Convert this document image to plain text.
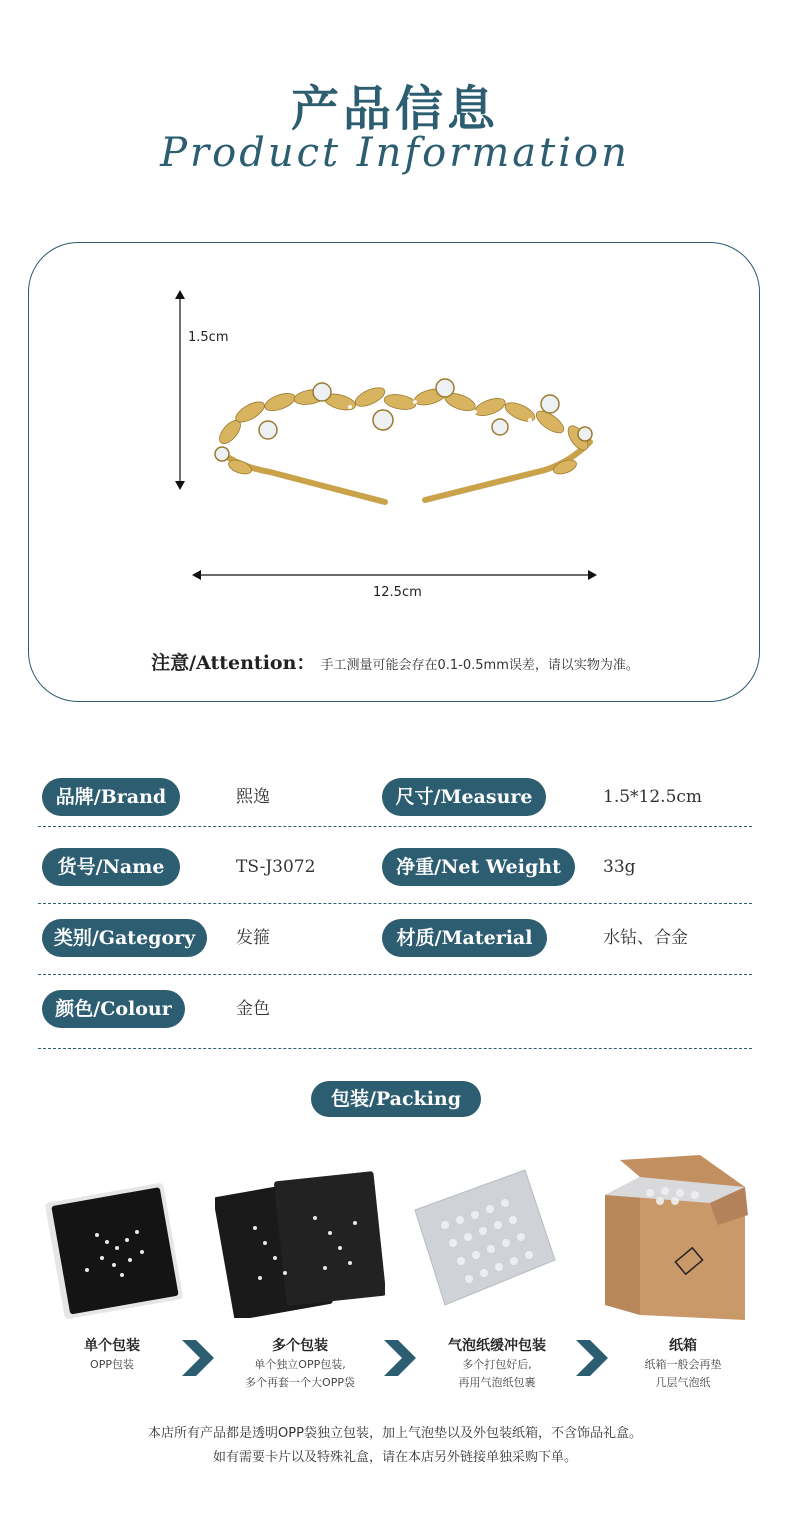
产品信息
Product Information
1.5cm
12.5cm
注意/Attention： 手工测量可能会存在0.1-0.5mm误差，请以实物为准。
品牌/Brand	熙逸	尺寸/Measure	1.5*12.5cm
货号/Name	TS-J3072	净重/Net Weight	33g
类别/Gategory	发箍	材质/Material	水钻、合金
颜色/Colour	金色
包装/Packing
单个包装
OPP包装
多个包装
单个独立OPP包装,
多个再套一个大OPP袋
气泡纸缓冲包装
多个打包好后,
再用气泡纸包裹
纸箱
纸箱一般会再垫
几层气泡纸
本店所有产品都是透明OPP袋独立包装，加上气泡垫以及外包装纸箱，不含饰品礼盒。
如有需要卡片以及特殊礼盒，请在本店另外链接单独采购下单。
